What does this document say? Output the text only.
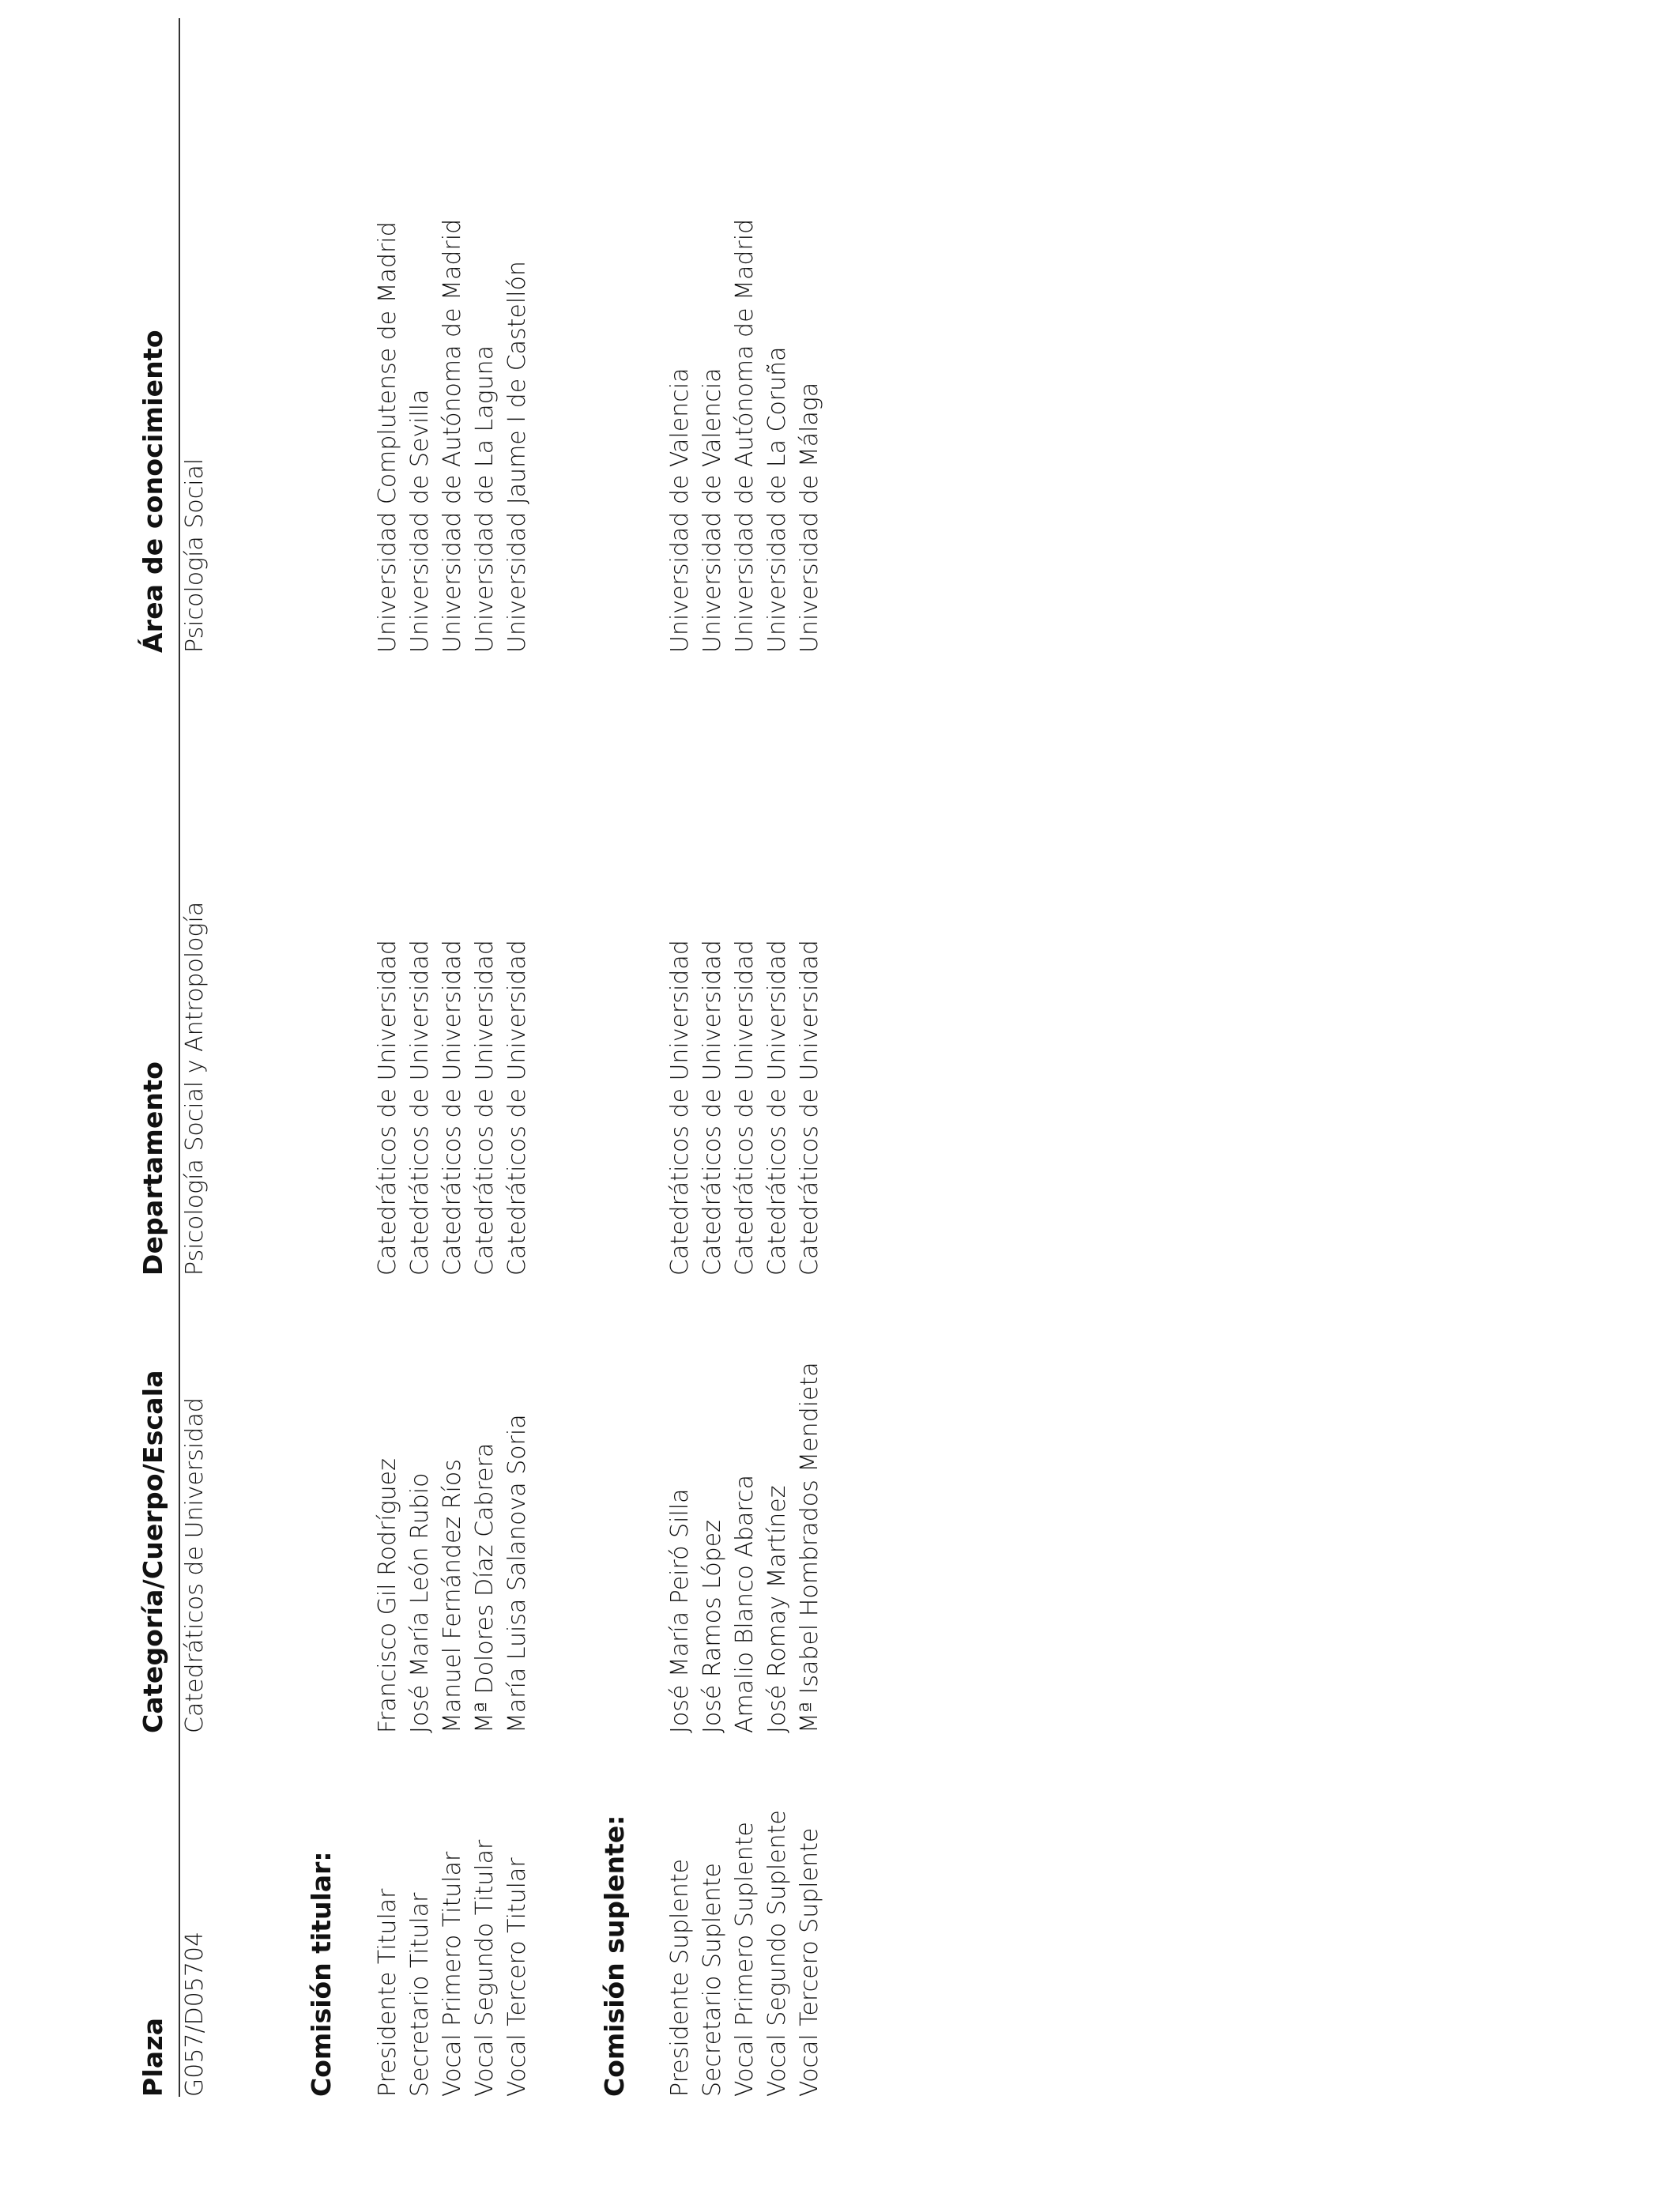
Plaza
Categoría/Cuerpo/Escala
Departamento
Área de conocimiento
G057/D05704
Catedráticos de Universidad
Psicología Social y Antropología
Psicología Social
Comisión titular: Presidente Titular Secretario Titular Vocal Primero Titular Vocal Segundo Titular Vocal Tercero Titular
Francisco Gil Rodríguez José María León Rubio Manuel Fernández Ríos Mª Dolores Díaz Cabrera María Luisa Salanova Soria
Catedráticos de Universidad Catedráticos de Universidad Catedráticos de Universidad Catedráticos de Universidad Catedráticos de Universidad
Universidad Complutense de Madrid Universidad de Sevilla Universidad de Autónoma de Madrid Universidad de La Laguna Universidad Jaume I de Castellón
Comisión suplente: Presidente Suplente Secretario Suplente Vocal Primero Suplente Vocal Segundo Suplente Vocal Tercero Suplente
José María Peiró Silla José Ramos López Amalio Blanco Abarca José Romay Martínez Mª Isabel Hombrados Mendieta
Catedráticos de Universidad Catedráticos de Universidad Catedráticos de Universidad Catedráticos de Universidad Catedráticos de Universidad
Universidad de Valencia Universidad de Valencia Universidad de Autónoma de Madrid Universidad de La Coruña Universidad de Málaga
